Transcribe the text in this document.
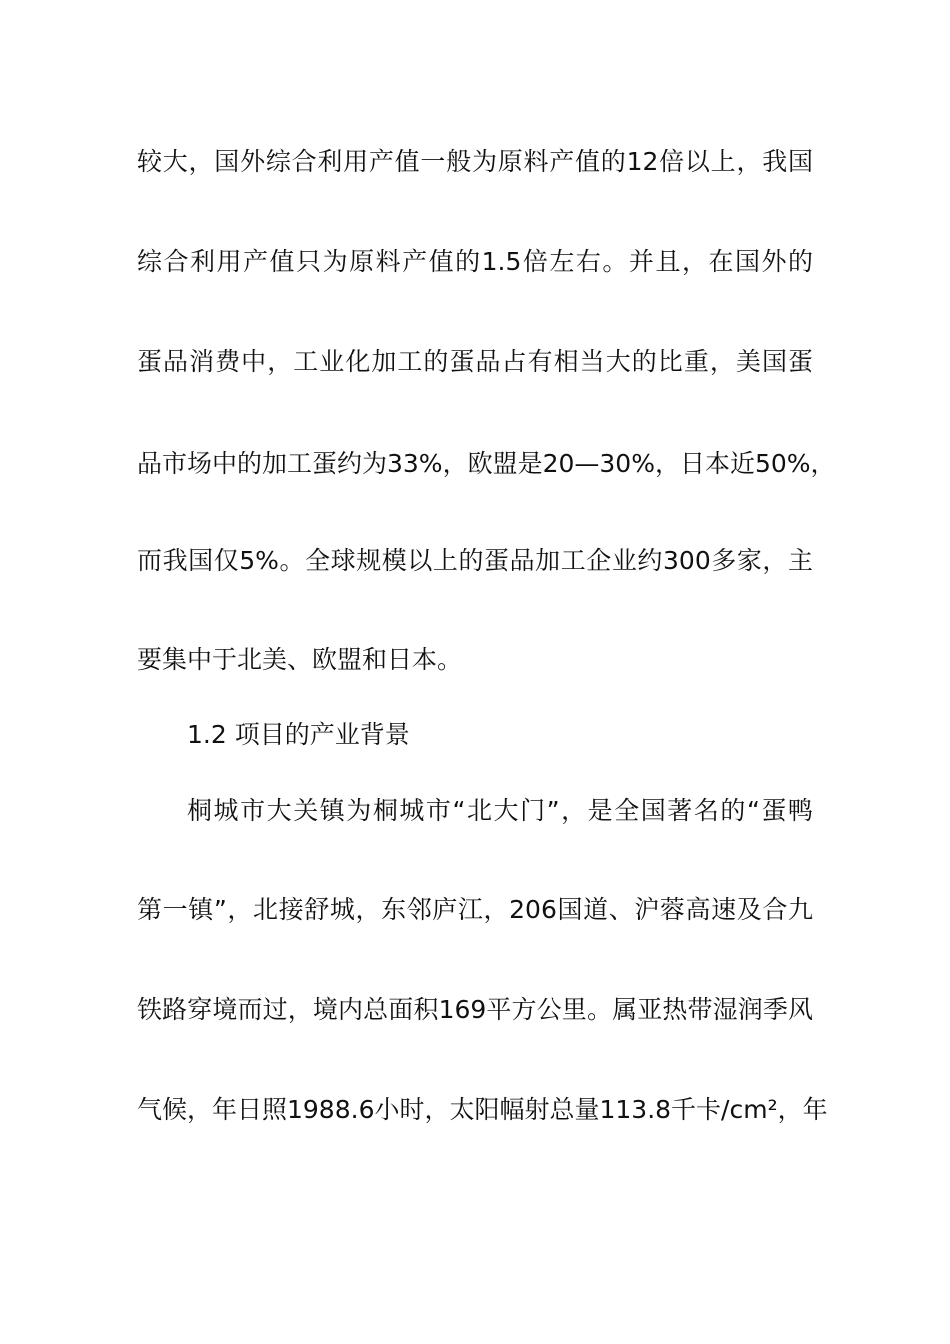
较大，国外综合利用产值一般为原料产值的12倍以上，我国
综合利用产值只为原料产值的1.5倍左右。并且，在国外的
蛋品消费中，工业化加工的蛋品占有相当大的比重，美国蛋
品市场中的加工蛋约为33%，欧盟是20—30%，日本近50%，
而我国仅5%。全球规模以上的蛋品加工企业约300多家，主
要集中于北美、欧盟和日本。
1.2 项目的产业背景
桐城市大关镇为桐城市“北大门”，是全国著名的“蛋鸭
第一镇”，北接舒城，东邻庐江，206国道、沪蓉高速及合九
铁路穿境而过，境内总面积169平方公里。属亚热带湿润季风
气候，年日照1988.6小时，太阳幅射总量113.8千卡/cm²，年
